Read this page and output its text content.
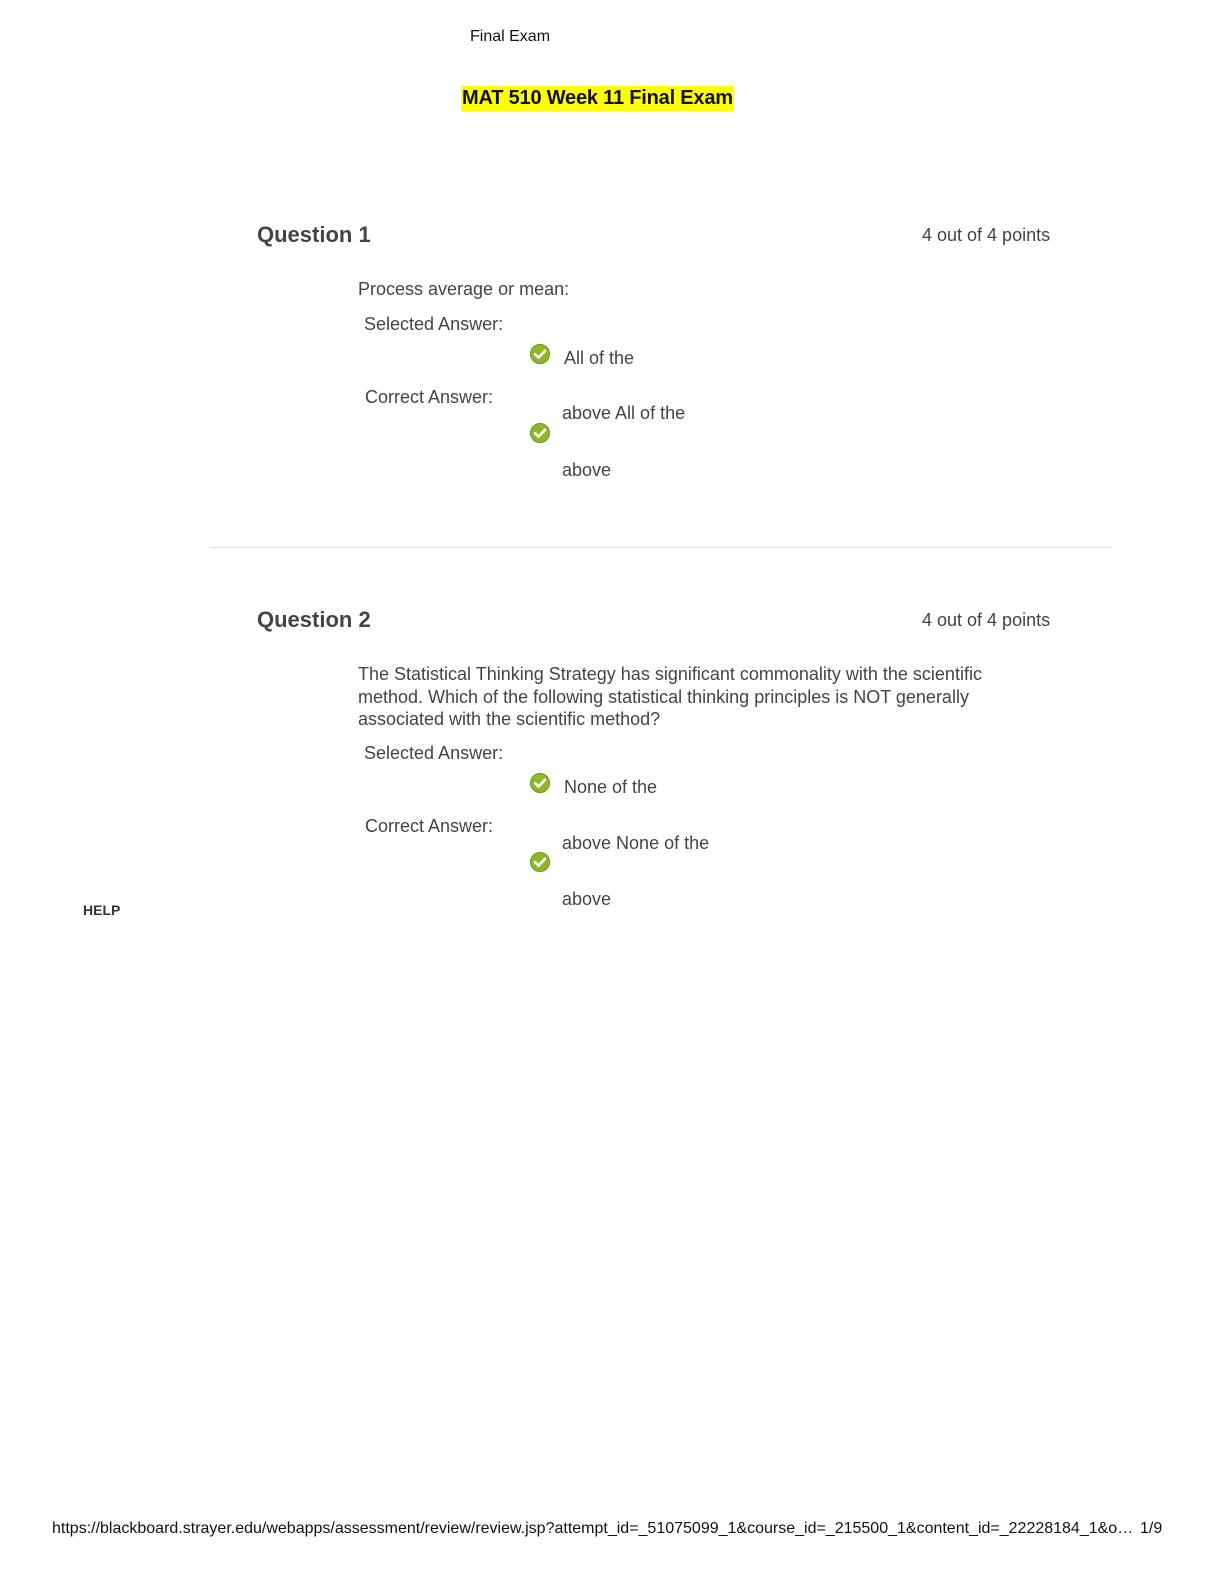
Final Exam
MAT 510 Week 11 Final Exam
Question 1	4 out of 4 points
Process average or mean:
Selected Answer:
Correct Answer:
All of the
above All of the
above
Question 2	4 out of 4 points
The Statistical Thinking Strategy has significant commonality with the scientific method. Which of the following statistical thinking principles is NOT generally associated with the scientific method?
Selected Answer:
Correct Answer:
None of the
above None of the
above
HELP
https://blackboard.strayer.edu/webapps/assessment/review/review.jsp?attempt_id=_51075099_1&course_id=_215500_1&content_id=_22228184_1&o… 1/9
